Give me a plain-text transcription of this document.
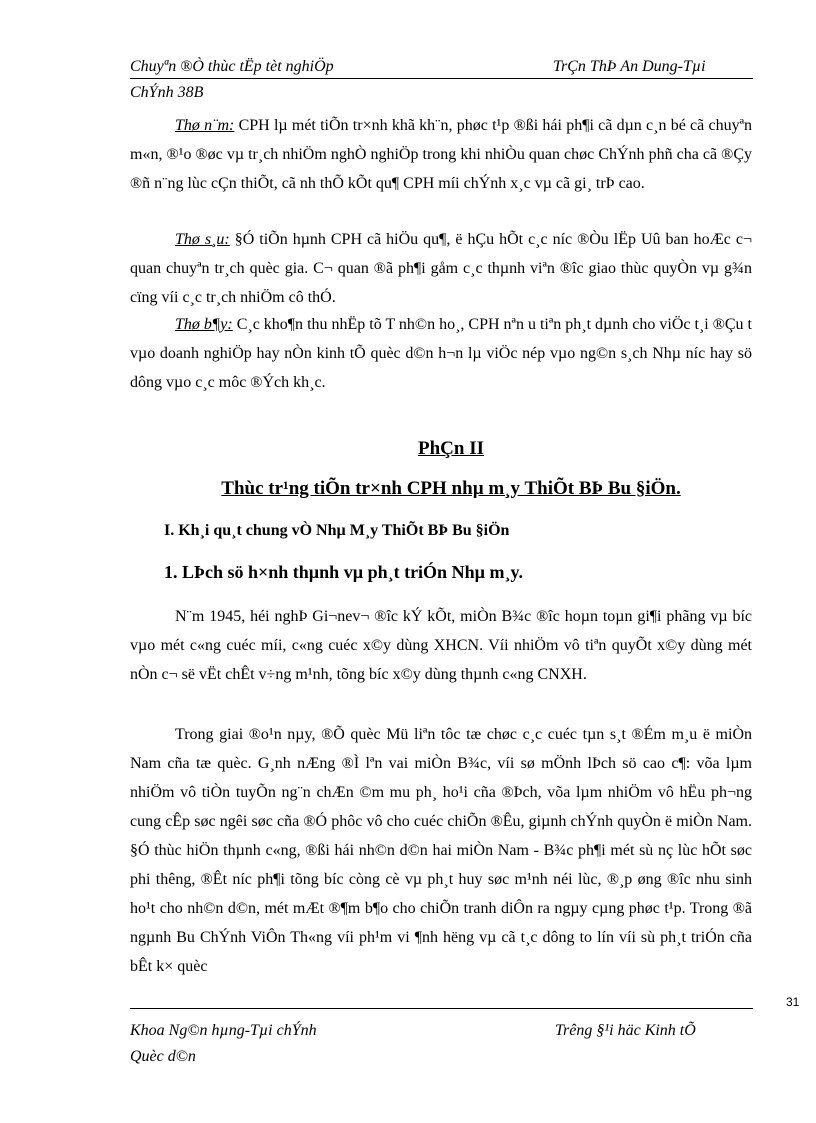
Chuyªn ®Ò thùc tËp tèt nghiÖp	TrÇn ThÞ An Dung-Tµi
ChÝnh 38B
Thø n¨m: CPH lµ mét tiÕn tr×nh khã kh¨n, phøc t¹p ®ßi hái ph¶i cã dµn c¸n bé cã chuyªn m«n, ®¹o ®øc vµ tr¸ch nhiÖm nghÒ nghiÖp trong khi nhiÒu quan chøc ChÝnh phñ cha cã ®Çy ®ñ n¨ng lùc cÇn thiÕt, cã nh thÕ kÕt qu¶ CPH míi chÝnh x¸c vµ cã gi¸ trÞ cao.
Thø s¸u: §Ó tiÕn hµnh CPH cã hiÖu qu¶, ë hÇu hÕt c¸c níc ®Òu lËp Uû ban hoÆc c¬ quan chuyªn tr¸ch quèc gia. C¬ quan ®ã ph¶i gåm c¸c thµnh viªn ®îc giao thùc quyÒn vµ g¾n cïng víi c¸c tr¸ch nhiÖm cô thÓ.
Thø b¶y: C¸c kho¶n thu nhËp tõ T nh©n ho¸, CPH nªn u tiªn ph¸t dµnh cho viÖc t¸i ®Çu t vµo doanh nghiÖp hay nÒn kinh tÕ quèc d©n h¬n lµ viÖc nép vµo ng©n s¸ch Nhµ níc hay sö dông vµo c¸c môc ®Ých kh¸c.
PhÇn II
Thùc tr¹ng tiÕn tr×nh CPH nhµ m¸y ThiÕt BÞ Bu §iÖn.
I. Kh¸i qu¸t chung vÒ Nhµ M¸y ThiÕt BÞ Bu §iÖn
1. LÞch sö h×nh thµnh vµ ph¸t triÓn Nhµ m¸y.
N¨m 1945, héi nghÞ Gi¬nev¬ ®îc kÝ kÕt, miÒn B¾c ®îc hoµn toµn gi¶i phãng vµ bíc vµo mét c«ng cuéc míi, c«ng cuéc x©y dùng XHCN. Víi nhiÖm vô tiªn quyÕt x©y dùng mét nÒn c¬ së vËt chÊt v÷ng m¹nh, tõng bíc x©y dùng thµnh c«ng CNXH.
Trong giai ®o¹n nµy, ®Õ quèc Mü liªn tôc tæ chøc c¸c cuéc tµn s¸t ®Ém m¸u ë miÒn Nam cña tæ quèc. G¸nh nÆng ®Ì lªn vai miÒn B¾c, víi sø mÖnh lÞch sö cao c¶: võa lµm nhiÖm vô tiÒn tuyÕn ng¨n chÆn ©m mu ph¸ ho¹i cña ®Þch, võa lµm nhiÖm vô hËu ph¬ng cung cÊp søc ngêi søc cña ®Ó phôc vô cho cuéc chiÕn ®Êu, giµnh chÝnh quyÒn ë miÒn Nam. §Ó thùc hiÖn thµnh c«ng, ®ßi hái nh©n d©n hai miÒn Nam - B¾c ph¶i mét sù nç lùc hÕt søc phi thêng, ®Êt níc ph¶i tõng bíc còng cè vµ ph¸t huy søc m¹nh néi lùc, ®¸p øng ®îc nhu sinh ho¹t cho nh©n d©n, mét mÆt ®¶m b¶o cho chiÕn tranh diÔn ra ngµy cµng phøc t¹p. Trong ®ã ngµnh Bu ChÝnh ViÔn Th«ng víi ph¹m vi ¶nh hëng vµ cã t¸c dông to lín víi sù ph¸t triÓn cña bÊt k× quèc
31
Khoa Ng©n hµng-Tµi chÝnh	Trêng §¹i häc Kinh tÕ
Quèc d©n
